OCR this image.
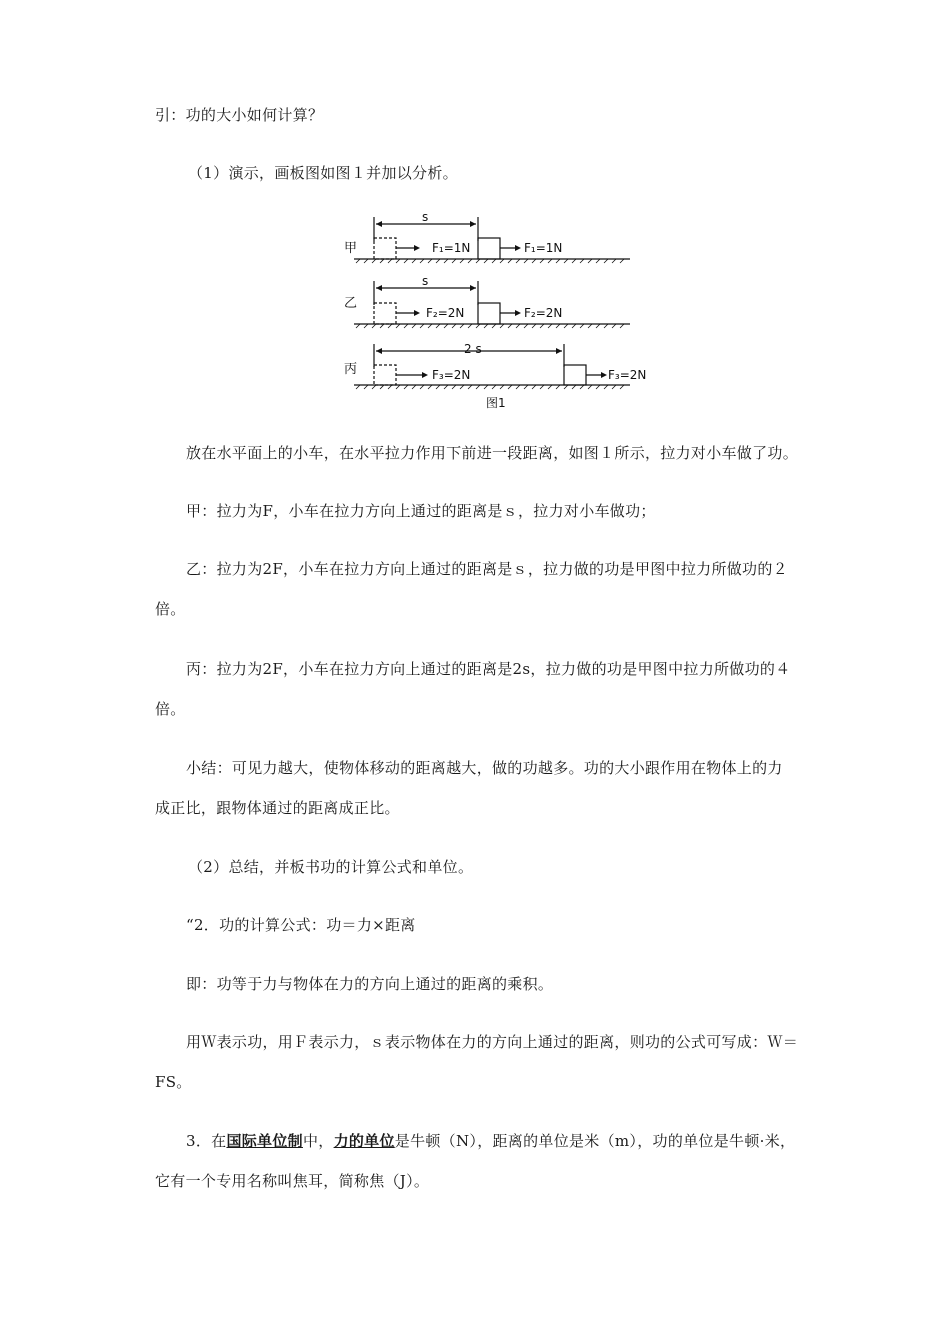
引：功的大小如何计算？
（1）演示，画板图如图１并加以分析。
甲
s
F₁=1N	F₁=1N
乙
s
F₂=2N	F₂=2N
丙
2 s
F₃=2N	F₃=2N
图1
放在水平面上的小车，在水平拉力作用下前进一段距离，如图１所示，拉力对小车做了功。
甲：拉力为F，小车在拉力方向上通过的距离是ｓ，拉力对小车做功；
乙：拉力为2F，小车在拉力方向上通过的距离是ｓ，拉力做的功是甲图中拉力所做功的２
倍。
丙：拉力为2F，小车在拉力方向上通过的距离是2s，拉力做的功是甲图中拉力所做功的４
倍。
小结：可见力越大，使物体移动的距离越大，做的功越多。功的大小跟作用在物体上的力
成正比，跟物体通过的距离成正比。
（2）总结，并板书功的计算公式和单位。
“2．功的计算公式：功＝力×距离
即：功等于力与物体在力的方向上通过的距离的乘积。
用Ｗ表示功，用Ｆ表示力，ｓ表示物体在力的方向上通过的距离，则功的公式可写成：Ｗ＝
FS。
3．在国际单位制中，力的单位是牛顿（N），距离的单位是米（m），功的单位是牛顿·米，
它有一个专用名称叫焦耳，简称焦（J）。
